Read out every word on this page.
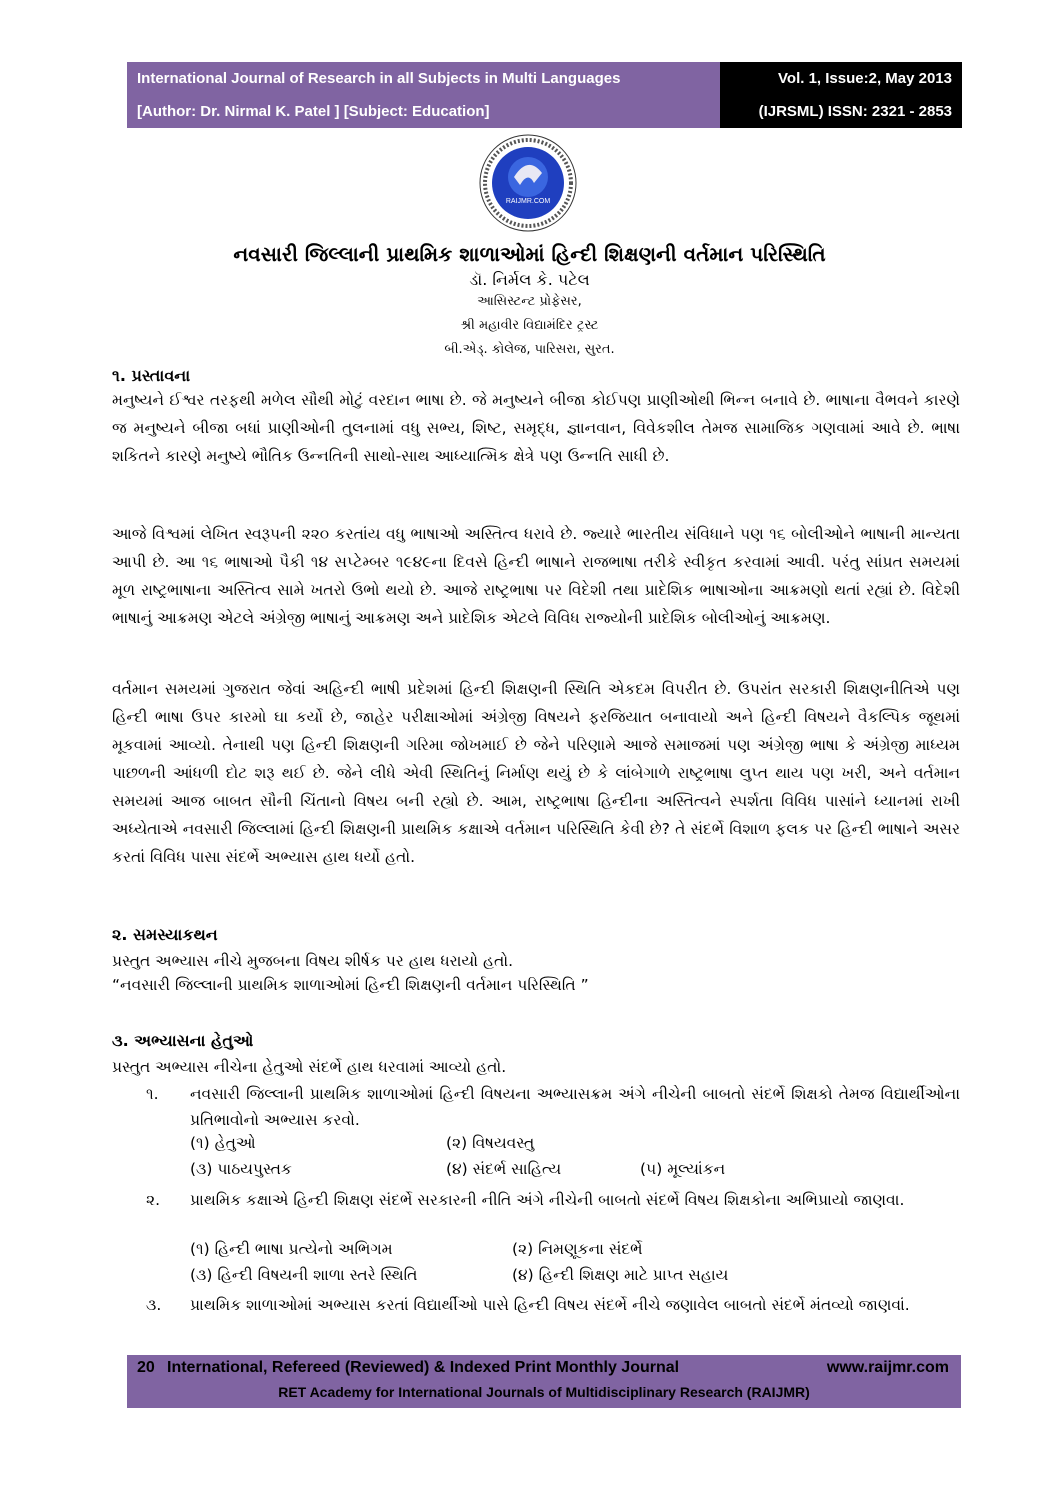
International Journal of Research in all Subjects in Multi Languages
[Author: Dr. Nirmal K. Patel ] [Subject: Education]
Vol. 1, Issue:2, May 2013
(IJRSML) ISSN: 2321 - 2853
RAIJMR.COM
નવસારી જિલ્લાની પ્રાથમિક શાળાઓમાં હિન્દી શિક્ષણની વર્તમાન પરિસ્થિતિ
ડૉ. નિર્મલ કે. પટેલ
આસિસ્ટન્ટ પ્રોફેસર,
શ્રી મહાવીર વિદ્યામંદિર ટ્રસ્ટ
બી.એડ્. કોલેજ, પારિસરા, સુરત.
૧. પ્રસ્તાવના
મનુષ્યને ઈશ્વર તરફથી મળેલ સૌથી મોટું વરદાન ભાષા છે. જે મનુષ્યને બીજા કોઈપણ પ્રાણીઓથી ભિન્ન બનાવે છે. ભાષાના વૈભવને કારણે જ મનુષ્યને બીજા બધાં પ્રાણીઓની તુલનામાં વધુ સભ્ય, શિષ્ટ, સમૃદ્ધ, જ્ઞાનવાન, વિવેકશીલ તેમજ સામાજિક ગણવામાં આવે છે. ભાષા શકિતને કારણે મનુષ્યે ભૌતિક ઉન્નતિની સાથો-સાથ આધ્યાત્મિક ક્ષેત્રે પણ ઉન્નતિ સાધી છે.
આજે વિશ્વમાં લેખિત સ્વરૂપની ૨૨૦ કરતાંય વધુ ભાષાઓ અસ્તિત્વ ધરાવે છે. જ્યારે ભારતીય સંવિધાને પણ ૧૬ બોલીઓને ભાષાની માન્યતા આપી છે. આ ૧૬ ભાષાઓ પૈકી ૧૪ સપ્ટેમ્બર ૧૯૪૯ના દિવસે હિન્દી ભાષાને રાજભાષા તરીકે સ્વીકૃત કરવામાં આવી. પરંતુ સાંપ્રત સમયમાં મૂળ રાષ્ટ્રભાષાના અસ્તિત્વ સામે ખતરો ઉભો થયો છે. આજે રાષ્ટ્રભાષા પર વિદેશી તથા પ્રાદેશિક ભાષાઓના આક્રમણો થતાં રહ્યાં છે. વિદેશી ભાષાનું આક્રમણ એટલે અંગ્રેજી ભાષાનું આક્રમણ અને પ્રાદેશિક એટલે વિવિધ રાજ્યોની પ્રાદેશિક બોલીઓનું આક્રમણ.
વર્તમાન સમયમાં ગુજરાત જેવાં અહિન્દી ભાષી પ્રદેશમાં હિન્દી શિક્ષણની સ્થિતિ એકદમ વિપરીત છે. ઉપરાંત સરકારી શિક્ષણનીતિએ પણ હિન્દી ભાષા ઉપર કારમો ઘા કર્યો છે, જાહેર પરીક્ષાઓમાં અંગ્રેજી વિષયને ફરજિયાત બનાવાયો અને હિન્દી વિષયને વૈકલ્પિક જૂથમાં મૂકવામાં આવ્યો. તેનાથી પણ હિન્દી શિક્ષણની ગરિમા જોખમાઈ છે જેને પરિણામે આજે સમાજમાં પણ અંગ્રેજી ભાષા કે અંગ્રેજી માધ્યમ પાછળની આંધળી દોટ શરૂ થઈ છે. જેને લીધે એવી સ્થિતિનું નિર્માણ થયું છે કે લાંબેગાળે રાષ્ટ્રભાષા લુપ્ત થાય પણ ખરી, અને વર્તમાન સમયમાં આજ બાબત સૌની ચિંતાનો વિષય બની રહ્યો છે. આમ, રાષ્ટ્રભાષા હિન્દીના અસ્તિત્વને સ્પર્શતા વિવિધ પાસાંને ધ્યાનમાં રાખી અધ્યેતાએ નવસારી જિલ્લામાં હિન્દી શિક્ષણની પ્રાથમિક કક્ષાએ વર્તમાન પરિસ્થિતિ કેવી છે? તે સંદર્ભે વિશાળ ફલક પર હિન્દી ભાષાને અસર કરતાં વિવિધ પાસા સંદર્ભે અભ્યાસ હાથ ધર્યો હતો.
૨. સમસ્યાકથન
પ્રસ્તુત અભ્યાસ નીચે મુજબના વિષય શીર્ષક પર હાથ ધરાયો હતો.
“નવસારી જિલ્લાની પ્રાથમિક શાળાઓમાં હિન્દી શિક્ષણની વર્તમાન પરિસ્થિતિ ”
૩. અભ્યાસના હેતુઓ
પ્રસ્તુત અભ્યાસ નીચેના હેતુઓ સંદર્ભે હાથ ધરવામાં આવ્યો હતો.
૧. નવસારી જિલ્લાની પ્રાથમિક શાળાઓમાં હિન્દી વિષયના અભ્યાસક્રમ અંગે નીચેની બાબતો સંદર્ભે શિક્ષકો તેમજ વિદ્યાર્થીઓના પ્રતિભાવોનો અભ્યાસ કરવો.
(૧) હેતુઓ	(૨) વિષયવસ્તુ
(૩) પાઠયપુસ્તક	(૪) સંદર્ભ સાહિત્ય	(૫) મૂલ્યાંકન
૨. પ્રાથમિક કક્ષાએ હિન્દી શિક્ષણ સંદર્ભે સરકારની નીતિ અંગે નીચેની બાબતો સંદર્ભે વિષય શિક્ષકોના અભિપ્રાયો જાણવા.
(૧) હિન્દી ભાષા પ્રત્યેનો અભિગમ	(૨) નિમણૂકના સંદર્ભે
(૩) હિન્દી વિષયની શાળા સ્તરે સ્થિતિ	(૪) હિન્દી શિક્ષણ માટે પ્રાપ્ત સહાય
૩. પ્રાથમિક શાળાઓમાં અભ્યાસ કરતાં વિદ્યાર્થીઓ પાસે હિન્દી વિષય સંદર્ભે નીચે જણાવેલ બાબતો સંદર્ભે મંતવ્યો જાણવાં.
20 International, Refereed (Reviewed) & Indexed Print Monthly Journal	www.raijmr.com
RET Academy for International Journals of Multidisciplinary Research (RAIJMR)
